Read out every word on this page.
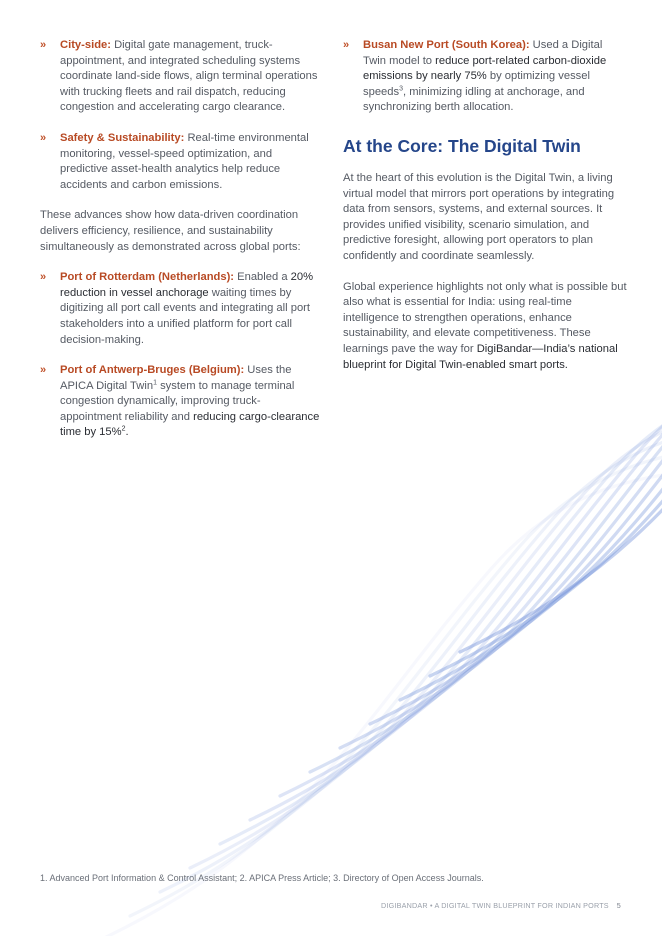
» City-side: Digital gate management, truck-appointment, and integrated scheduling systems coordinate land-side flows, align terminal operations with trucking fleets and rail dispatch, reducing congestion and accelerating cargo clearance.
» Safety & Sustainability: Real-time environmental monitoring, vessel-speed optimization, and predictive asset-health analytics help reduce accidents and carbon emissions.

These advances show how data-driven coordination delivers efficiency, resilience, and sustainability simultaneously as demonstrated across global ports:

» Port of Rotterdam (Netherlands): Enabled a 20% reduction in vessel anchorage waiting times by digitizing all port call events and integrating all port stakeholders into a unified platform for port call decision-making.
» Port of Antwerp-Bruges (Belgium): Uses the APICA Digital Twin$^1$ system to manage terminal congestion dynamically, improving truck-appointment reliability and reducing cargo-clearance time by 15%$^2$.
» Busan New Port (South Korea): Used a Digital Twin model to reduce port-related carbon-dioxide emissions by nearly 75% by optimizing vessel speeds$^3$, minimizing idling at anchorage, and synchronizing berth allocation.
At the Core: The Digital Twin

At the heart of this evolution is the Digital Twin, a living virtual model that mirrors port operations by integrating data from sensors, systems, and external sources. It provides unified visibility, scenario simulation, and predictive foresight, allowing port operators to plan confidently and coordinate seamlessly.

Global experience highlights not only what is possible but also what is essential for India: using real-time intelligence to strengthen operations, enhance sustainability, and elevate competitiveness. These learnings pave the way for DigiBandar—India’s national blueprint for Digital Twin-enabled smart ports.

1. Advanced Port Information & Control Assistant; 2. APICA Press Article; 3. Directory of Open Access Journals.
DIGIBANDAR • A DIGITAL TWIN BLUEPRINT FOR INDIAN PORTS 5
